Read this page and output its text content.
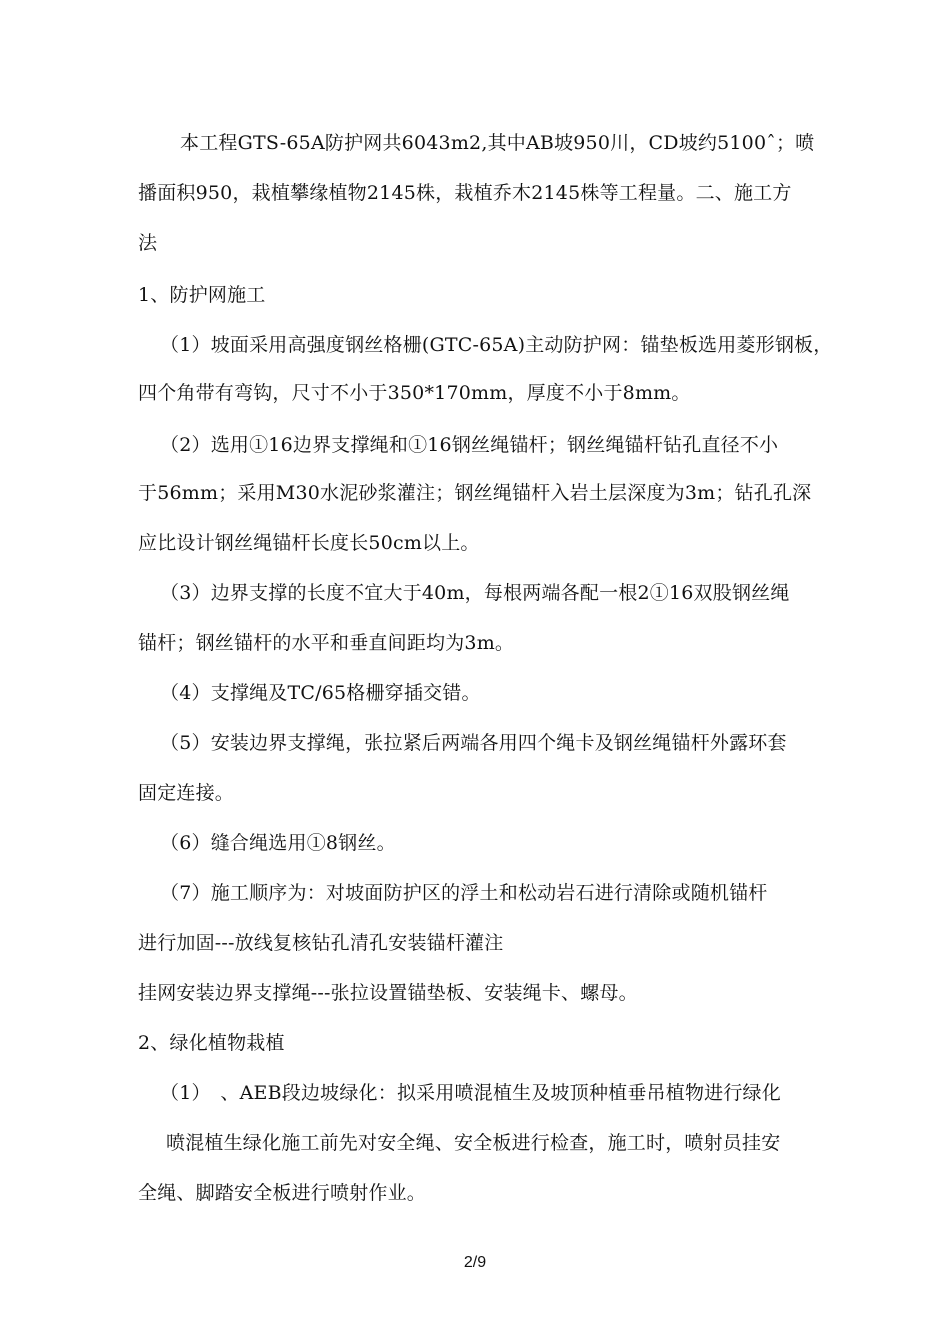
本工程GTS-65A防护网共6043m2,其中AB坡950川，CD坡约5100ˆ；喷
播面积950，栽植攀缘植物2145株，栽植乔木2145株等工程量。二、施工方
法
1、防护网施工
（1）坡面采用高强度钢丝格栅(GTC-65A)主动防护网：锚垫板选用菱形钢板，
四个角带有弯钩，尺寸不小于350*170mm，厚度不小于8mm。
（2）选用①16边界支撑绳和①16钢丝绳锚杆；钢丝绳锚杆钻孔直径不小
于56mm；采用M30水泥砂浆灌注；钢丝绳锚杆入岩土层深度为3m；钻孔孔深
应比设计钢丝绳锚杆长度长50cm以上。
（3）边界支撑的长度不宜大于40m，每根两端各配一根2①16双股钢丝绳
锚杆；钢丝锚杆的水平和垂直间距均为3m。
（4）支撑绳及TC/65格栅穿插交错。
（5）安装边界支撑绳，张拉紧后两端各用四个绳卡及钢丝绳锚杆外露环套
固定连接。
（6）缝合绳选用①8钢丝。
（7）施工顺序为：对坡面防护区的浮土和松动岩石进行清除或随机锚杆
进行加固---放线复核钻孔清孔安装锚杆灌注
挂网安装边界支撑绳---张拉设置锚垫板、安装绳卡、螺母。
2、绿化植物栽植
（1）　、AEB段边坡绿化：拟采用喷混植生及坡顶种植垂吊植物进行绿化
喷混植生绿化施工前先对安全绳、安全板进行检查，施工时，喷射员挂安
全绳、脚踏安全板进行喷射作业。
2/9
